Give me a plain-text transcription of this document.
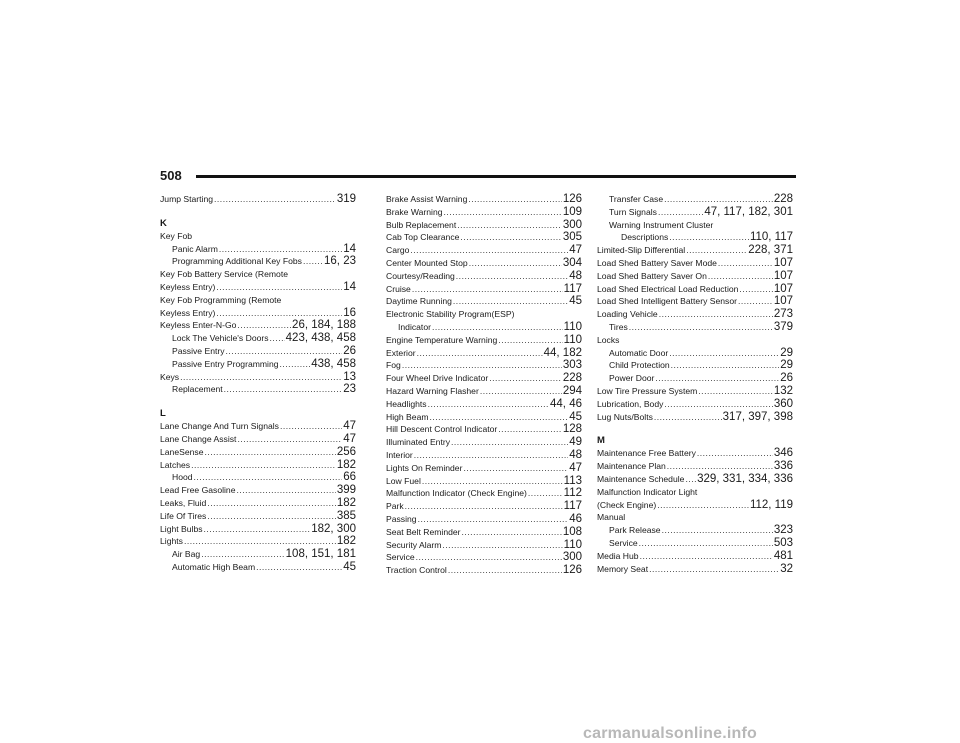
508
Jump Starting .....	319
K
Key Fob
Panic Alarm .....	14
Programming Additional Key Fobs ..... 16, 23
Key Fob Battery Service (Remote
Keyless Entry) .....	14
Key Fob Programming (Remote
Keyless Entry) .....	16
Keyless Enter-N-Go .....	26, 184, 188
Lock The Vehicle's Doors ..... 423, 438, 458
Passive Entry .....	26
Passive Entry Programming .....	438, 458
Keys .....	13
Replacement .....	23
L
Lane Change And Turn Signals .....	47
Lane Change Assist .....	47
LaneSense .....	256
Latches .....	182
Hood .....	66
Lead Free Gasoline .....	399
Leaks, Fluid .....	182
Life Of Tires .....	385
Light Bulbs .....	182, 300
Lights .....	182
Air Bag .....	108, 151, 181
Automatic High Beam .....	45
Brake Assist Warning .....	126
Brake Warning .....	109
Bulb Replacement .....	300
Cab Top Clearance .....	305
Cargo .....	47
Center Mounted Stop .....	304
Courtesy/Reading .....	48
Cruise .....	117
Daytime Running .....	45
Electronic Stability Program(ESP)
Indicator .....	110
Engine Temperature Warning .....	110
Exterior .....	44, 182
Fog .....	303
Four Wheel Drive Indicator .....	228
Hazard Warning Flasher .....	294
Headlights .....	44, 46
High Beam .....	45
Hill Descent Control Indicator .....	128
Illuminated Entry .....	49
Interior .....	48
Lights On Reminder .....	47
Low Fuel .....	113
Malfunction Indicator (Check Engine) .....	112
Park .....	117
Passing .....	46
Seat Belt Reminder .....	108
Security Alarm .....	110
Service .....	300
Traction Control .....	126
Transfer Case .....	228
Turn Signals .....	47, 117, 182, 301
Warning Instrument Cluster
Descriptions .....	110, 117
Limited-Slip Differential .....	228, 371
Load Shed Battery Saver Mode .....	107
Load Shed Battery Saver On .....	107
Load Shed Electrical Load Reduction .....	107
Load Shed Intelligent Battery Sensor .....	107
Loading Vehicle .....	273
Tires .....	379
Locks
Automatic Door .....	29
Child Protection .....	29
Power Door .....	26
Low Tire Pressure System .....	132
Lubrication, Body .....	360
Lug Nuts/Bolts .....	317, 397, 398
M
Maintenance Free Battery .....	346
Maintenance Plan .....	336
Maintenance Schedule ..... 329, 331, 334, 336
Malfunction Indicator Light
(Check Engine) .....	112, 119
Manual
Park Release .....	323
Service .....	503
Media Hub .....	481
Memory Seat .....	32
carmanualsonline.info
